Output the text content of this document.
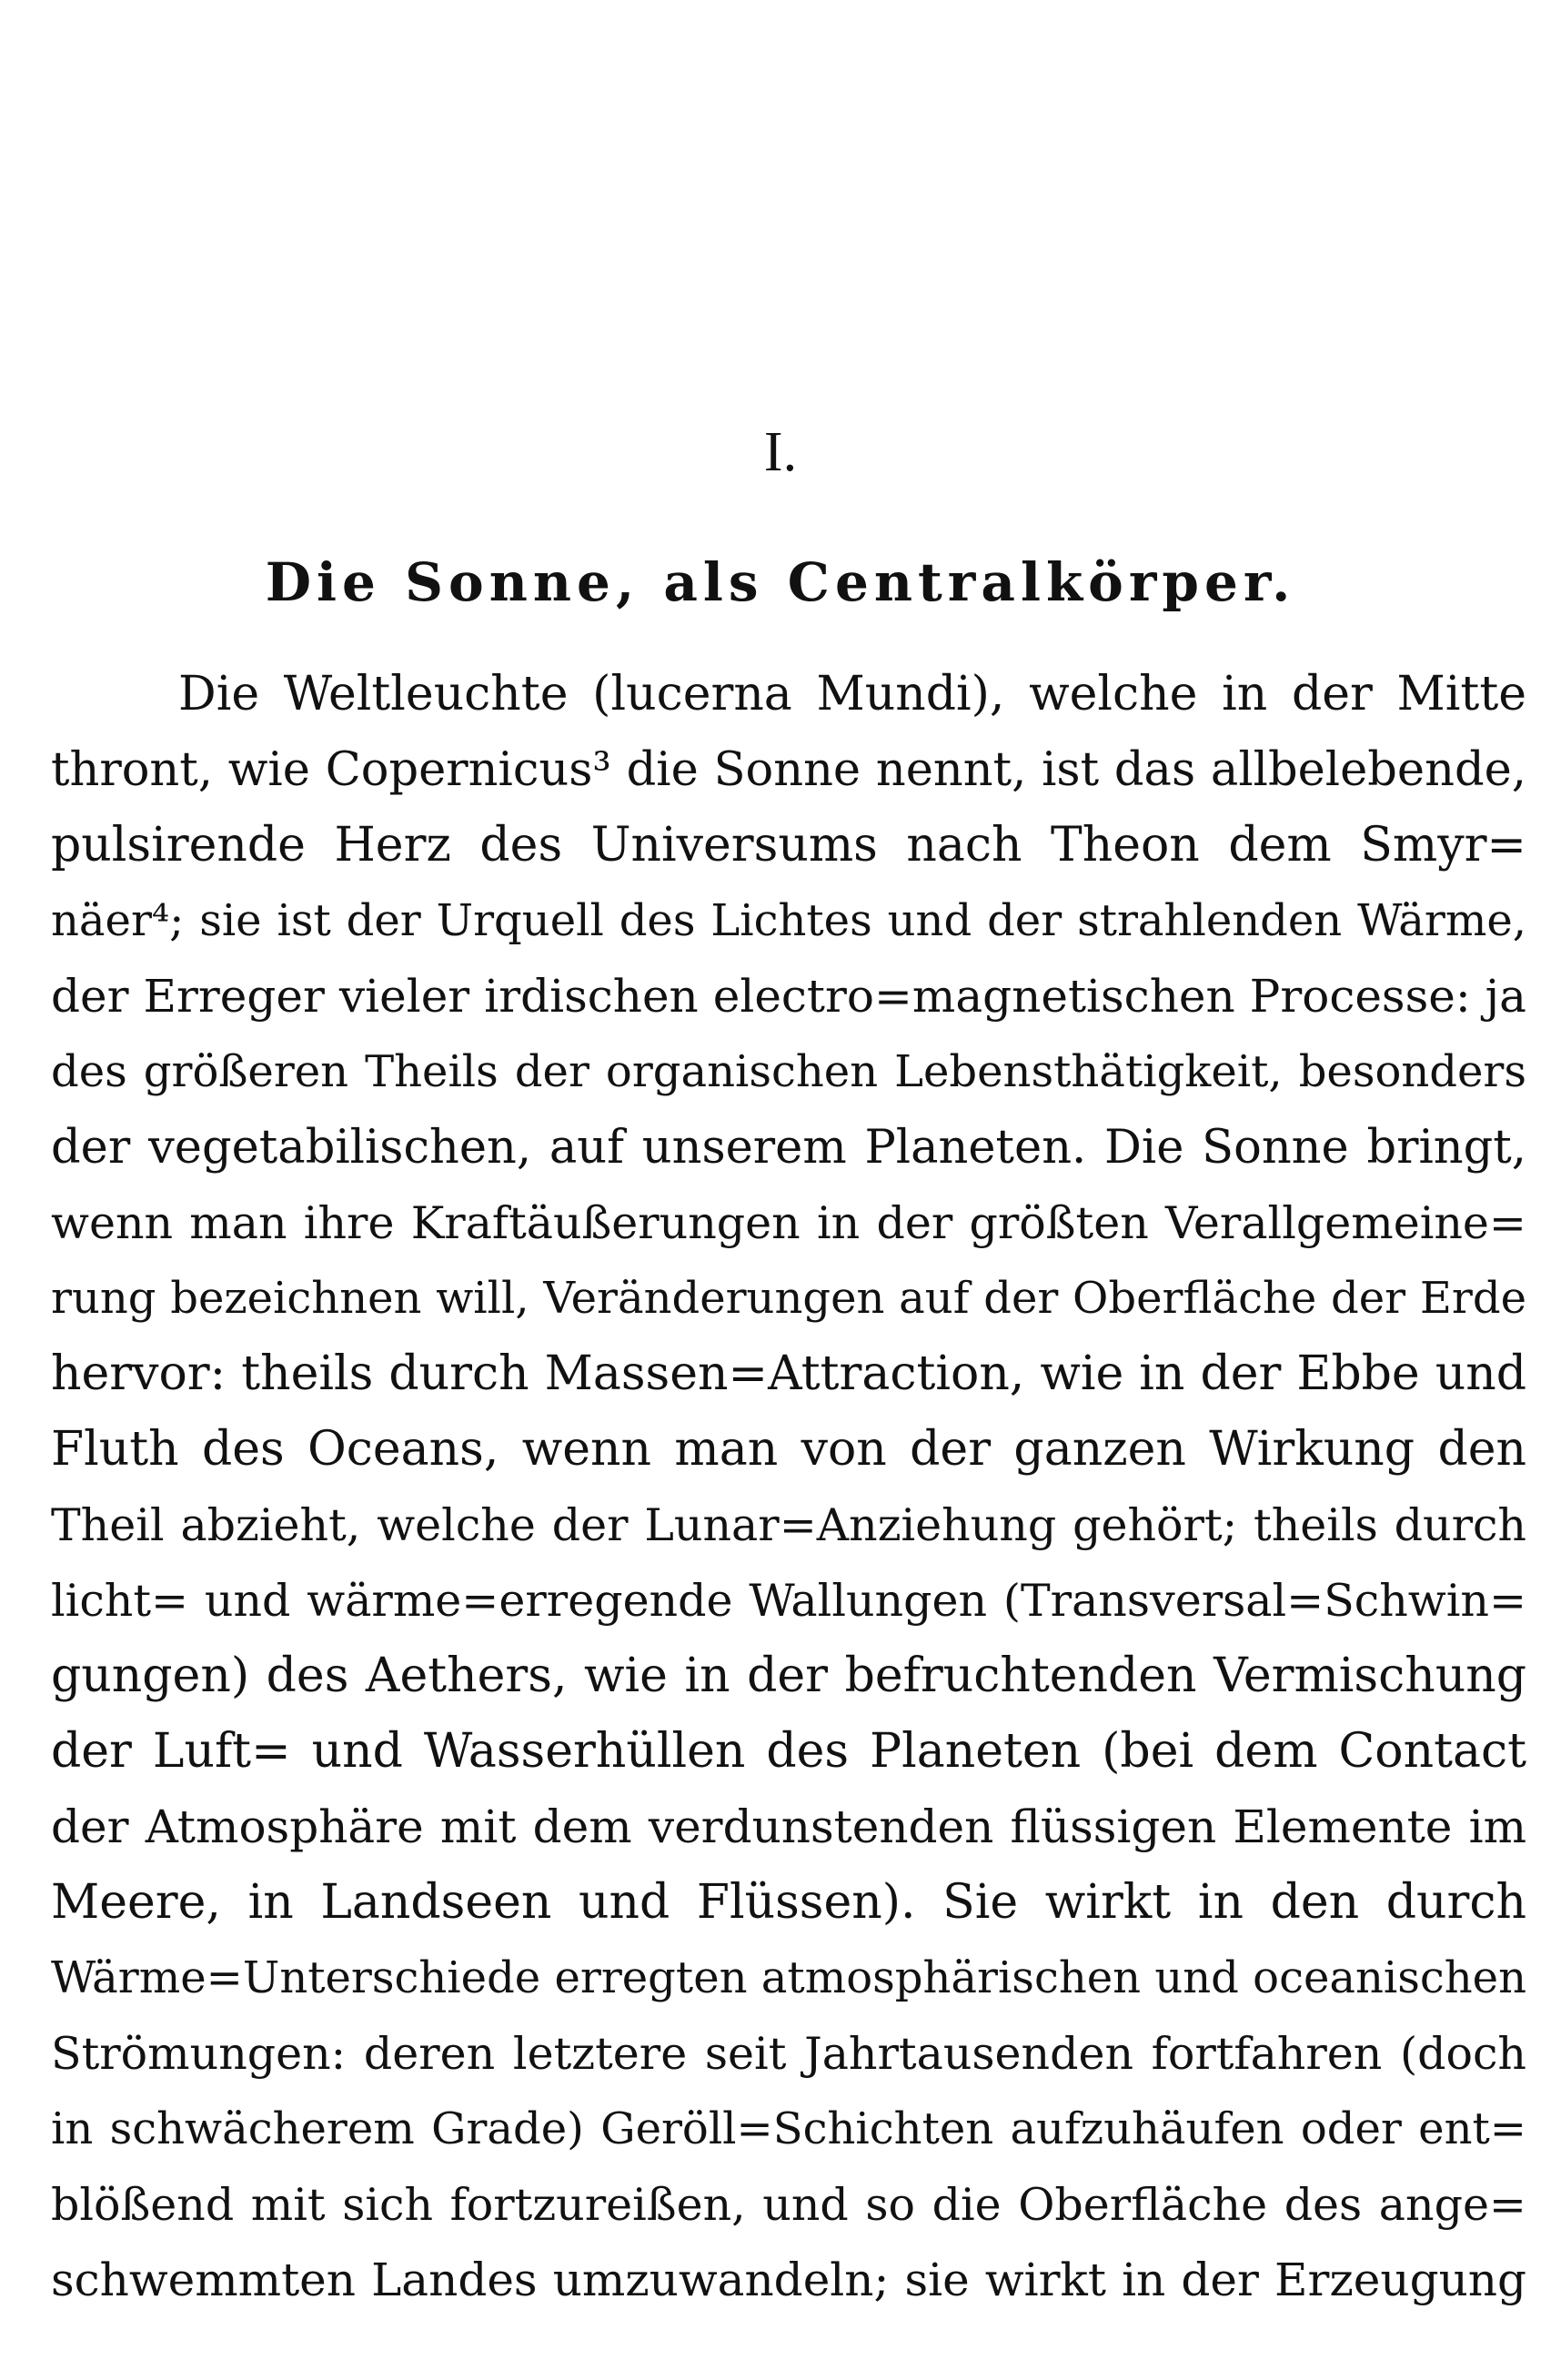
I.
Die Sonne, als Centralkörper.
Die Weltleuchte (lucerna Mundi), welche in der Mitte
thront, wie Copernicus³ die Sonne nennt, ist das allbelebende,
pulsirende Herz des Universums nach Theon dem Smyr=
näer⁴; sie ist der Urquell des Lichtes und der strahlenden Wärme,
der Erreger vieler irdischen electro=magnetischen Processe: ja
des größeren Theils der organischen Lebensthätigkeit, besonders
der vegetabilischen, auf unserem Planeten. Die Sonne bringt,
wenn man ihre Kraftäußerungen in der größten Verallgemeine=
rung bezeichnen will, Veränderungen auf der Oberfläche der Erde
hervor: theils durch Massen=Attraction, wie in der Ebbe und
Fluth des Oceans, wenn man von der ganzen Wirkung den
Theil abzieht, welche der Lunar=Anziehung gehört; theils durch
licht= und wärme=erregende Wallungen (Transversal=Schwin=
gungen) des Aethers, wie in der befruchtenden Vermischung
der Luft= und Wasserhüllen des Planeten (bei dem Contact
der Atmosphäre mit dem verdunstenden flüssigen Elemente im
Meere, in Landseen und Flüssen). Sie wirkt in den durch
Wärme=Unterschiede erregten atmosphärischen und oceanischen
Strömungen: deren letztere seit Jahrtausenden fortfahren (doch
in schwächerem Grade) Geröll=Schichten aufzuhäufen oder ent=
blößend mit sich fortzureißen, und so die Oberfläche des ange=
schwemmten Landes umzuwandeln; sie wirkt in der Erzeugung
